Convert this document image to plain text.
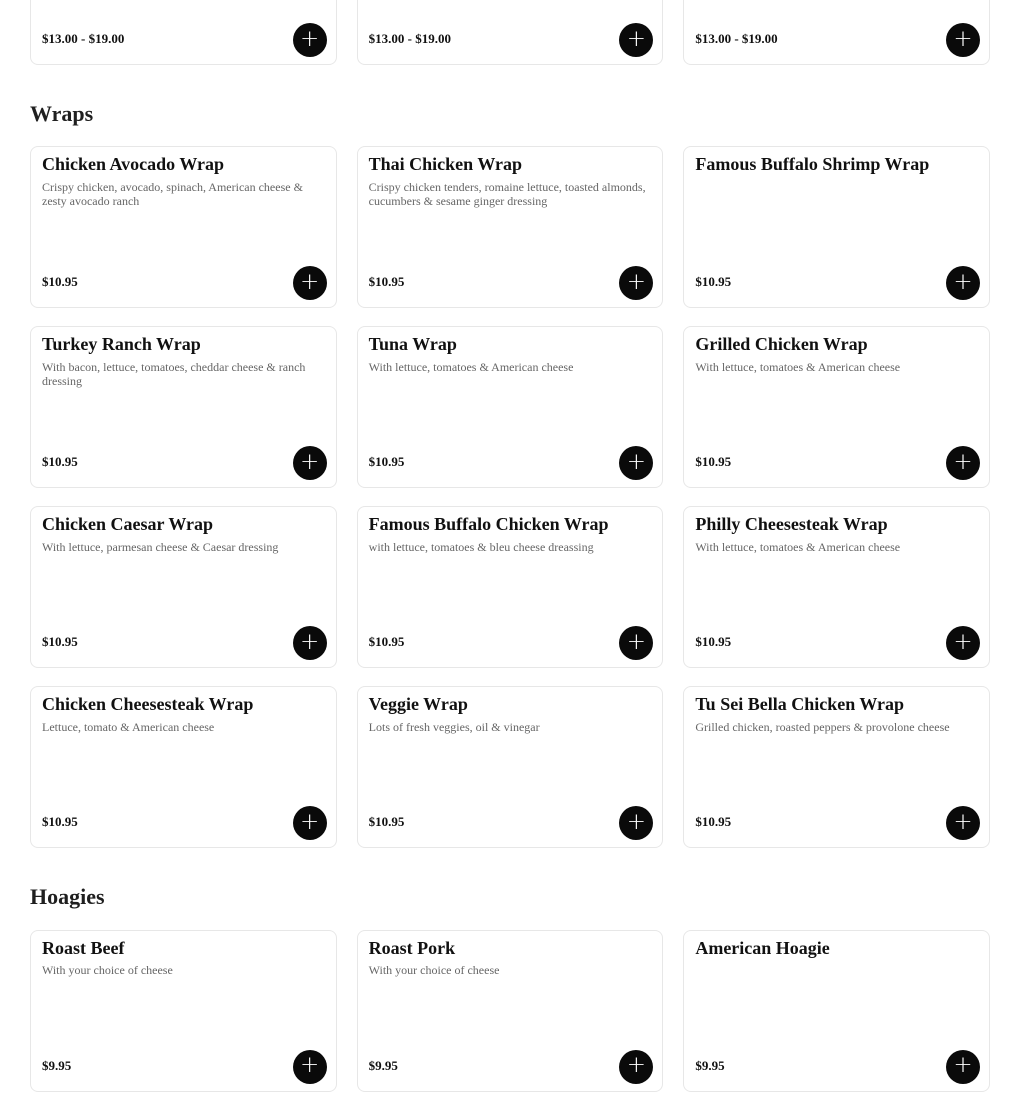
$13.00 - $19.00	+	$13.00 - $19.00	+	$13.00 - $19.00	+
Wraps
Chicken Avocado Wrap

Crispy chicken, avocado, spinach, American cheese & zesty avocado ranch

$10.95	+
Thai Chicken Wrap

Crispy chicken tenders, romaine lettuce, toasted almonds, cucumbers & sesame ginger dressing

$10.95	+
Famous Buffalo Shrimp Wrap

$10.95	+
Turkey Ranch Wrap

With bacon, lettuce, tomatoes, cheddar cheese & ranch dressing

$10.95	+
Tuna Wrap

With lettuce, tomatoes & American cheese

$10.95	+
Grilled Chicken Wrap

With lettuce, tomatoes & American cheese

$10.95	+
Chicken Caesar Wrap

With lettuce, parmesan cheese & Caesar dressing

$10.95	+
Famous Buffalo Chicken Wrap

with lettuce, tomatoes & bleu cheese dreassing

$10.95	+
Philly Cheesesteak Wrap

With lettuce, tomatoes & American cheese

$10.95	+
Chicken Cheesesteak Wrap

Lettuce, tomato & American cheese

$10.95	+
Veggie Wrap

Lots of fresh veggies, oil & vinegar

$10.95	+
Tu Sei Bella Chicken Wrap

Grilled chicken, roasted peppers & provolone cheese

$10.95	+
Hoagies
Roast Beef

With your choice of cheese

$9.95	+
Roast Pork

With your choice of cheese

$9.95	+
American Hoagie

$9.95	+
